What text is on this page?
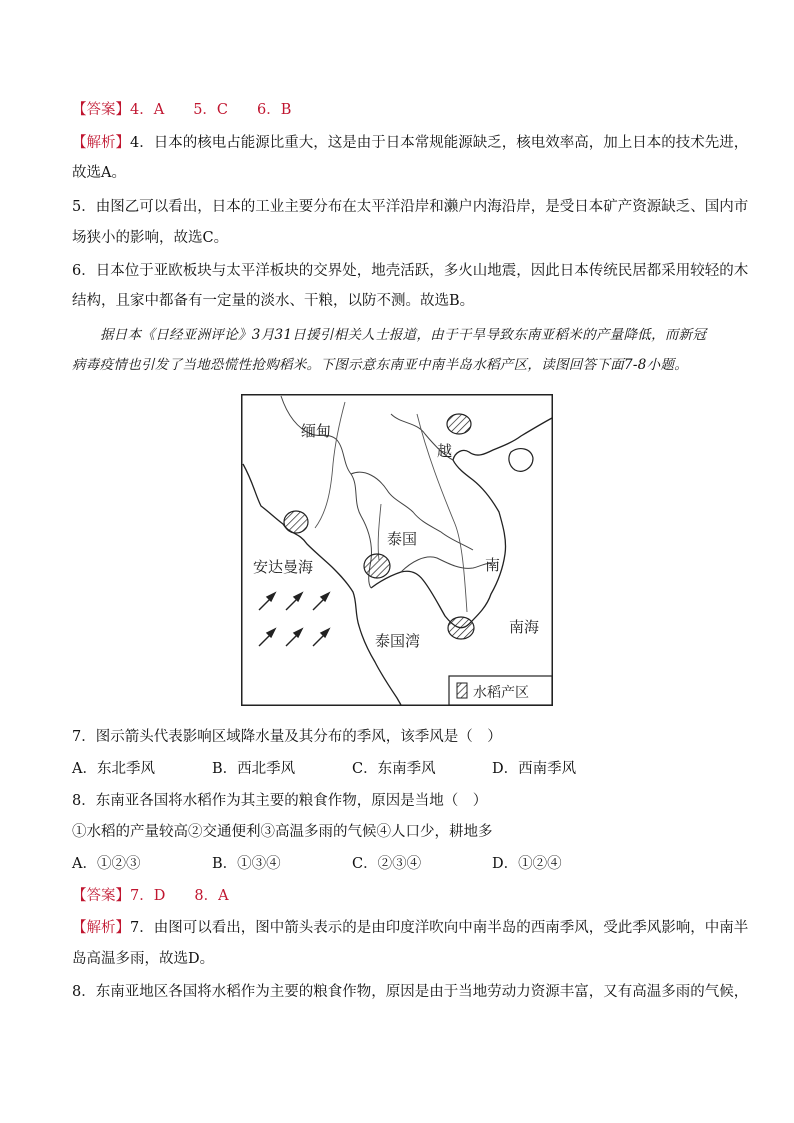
【答案】4．A　　5．C　　6．B
【解析】4．日本的核电占能源比重大，这是由于日本常规能源缺乏，核电效率高，加上日本的技术先进，
故选A。
5．由图乙可以看出，日本的工业主要分布在太平洋沿岸和濑户内海沿岸，是受日本矿产资源缺乏、国内市
场狭小的影响，故选C。
6．日本位于亚欧板块与太平洋板块的交界处，地壳活跃，多火山地震，因此日本传统民居都采用较轻的木
结构，且家中都备有一定量的淡水、干粮，以防不测。故选B。
据日本《日经亚洲评论》3月31日援引相关人士报道，由于干旱导致东南亚稻米的产量降低，而新冠
病毒疫情也引发了当地恐慌性抢购稻米。下图示意东南亚中南半岛水稻产区，读图回答下面7-8小题。
缅甸
越
泰国
南
安达曼海
泰国湾
南海
水稻产区
7．图示箭头代表影响区域降水量及其分布的季风，该季风是（　）
A．东北季风	B．西北季风	C．东南季风	D．西南季风
8．东南亚各国将水稻作为其主要的粮食作物，原因是当地（　）
①水稻的产量较高②交通便利③高温多雨的气候④人口少，耕地多
A．①②③	B．①③④	C．②③④	D．①②④
【答案】7．D　　8．A
【解析】7．由图可以看出，图中箭头表示的是由印度洋吹向中南半岛的西南季风，受此季风影响，中南半
岛高温多雨，故选D。
8．东南亚地区各国将水稻作为主要的粮食作物，原因是由于当地劳动力资源丰富，又有高温多雨的气候，
